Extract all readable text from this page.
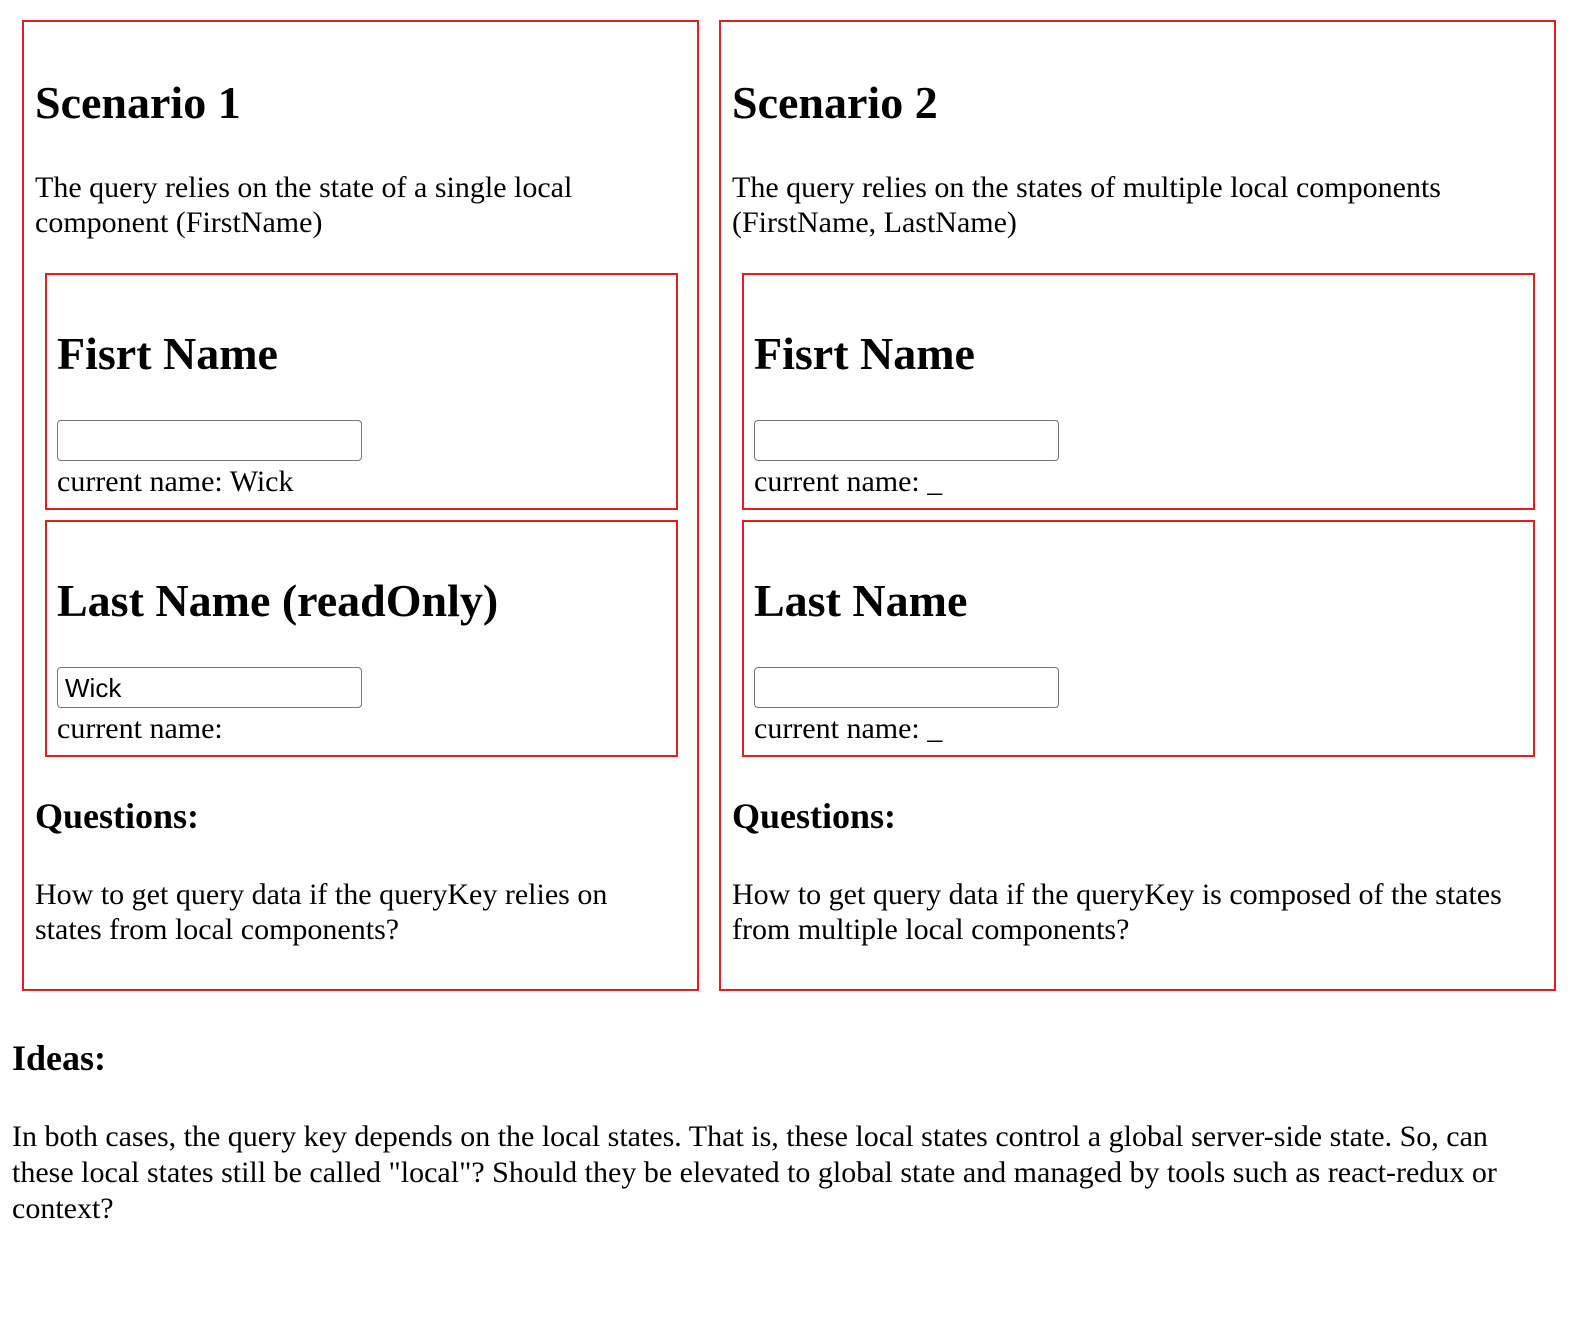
Scenario 1

The query relies on the state of a single local component (FirstName)

Fisrt Name
current name: Wick
Last Name (readOnly)
Wick
current name:
Questions:

How to get query data if the queryKey relies on states from local components?

Scenario 2

The query relies on the states of multiple local components (FirstName, LastName)

Fisrt Name
current name: _
Last Name
current name: _
Questions:

How to get query data if the queryKey is composed of the states from multiple local components?

Ideas:

In both cases, the query key depends on the local states. That is, these local states control a global server-side state. So, can these local states still be called "local"? Should they be elevated to global state and managed by tools such as react-redux or context?
